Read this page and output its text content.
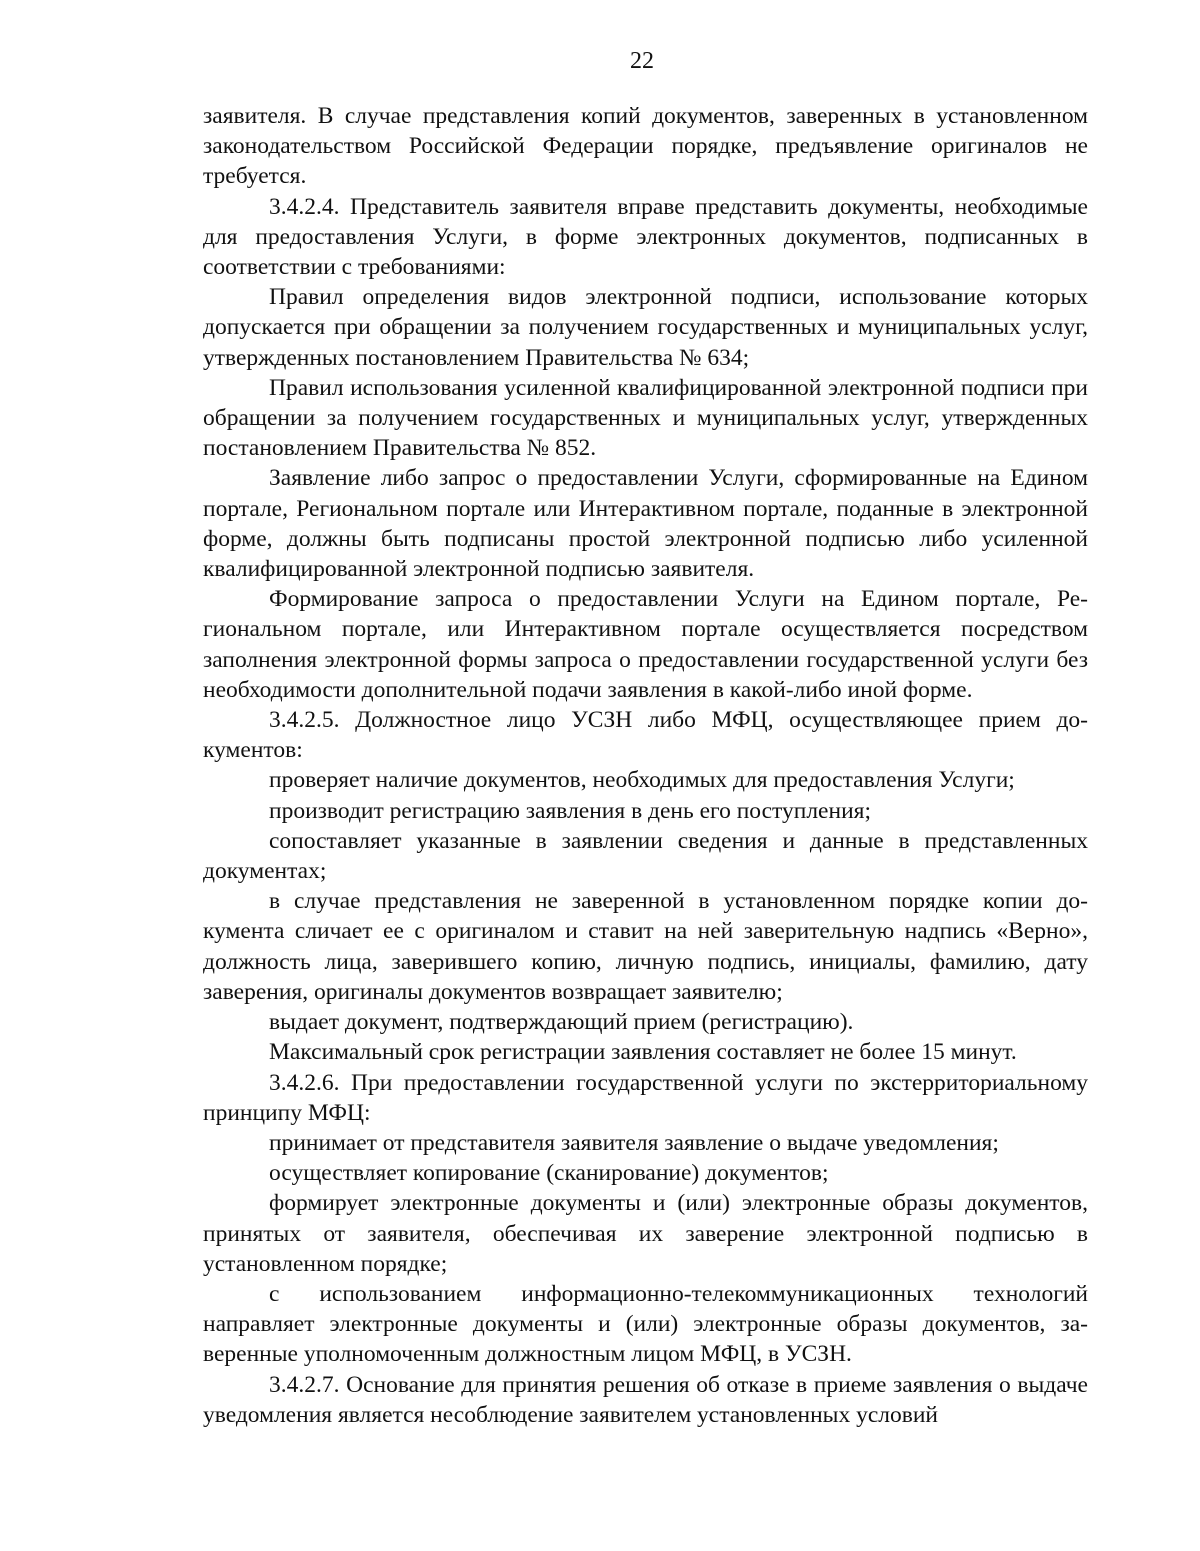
22

заявителя. В случае представления копий документов, заверенных в установленном законодательством Российской Федерации порядке, предъявление оригиналов не требуется.

3.4.2.4. Представитель заявителя вправе представить документы, необходимые для предоставления Услуги, в форме электронных документов, подписанных в соответствии с требованиями:

Правил определения видов электронной подписи, использование которых допускается при обращении за получением государственных и муниципальных услуг, утвержденных постановлением Правительства № 634;

Правил использования усиленной квалифицированной электронной подписи при обращении за получением государственных и муниципальных услуг, утвержденных постановлением Правительства № 852.

Заявление либо запрос о предоставлении Услуги, сформированные на Едином портале, Региональном портале или Интерактивном портале, поданные в электронной форме, должны быть подписаны простой электронной подписью либо усиленной квалифицированной электронной подписью заявителя.

Формирование запроса о предоставлении Услуги на Едином портале, Региональном портале, или Интерактивном портале осуществляется посредством заполнения электронной формы запроса о предоставлении государственной услуги без необходимости дополнительной подачи заявления в какой-либо иной форме.

3.4.2.5. Должностное лицо УСЗН либо МФЦ, осуществляющее прием документов:

проверяет наличие документов, необходимых для предоставления Услуги;

производит регистрацию заявления в день его поступления;

сопоставляет указанные в заявлении сведения и данные в представленных документах;

в случае представления не заверенной в установленном порядке копии документа сличает ее с оригиналом и ставит на ней заверительную надпись «Верно», должность лица, заверившего копию, личную подпись, инициалы, фамилию, дату заверения, оригиналы документов возвращает заявителю;

выдает документ, подтверждающий прием (регистрацию).

Максимальный срок регистрации заявления составляет не более 15 минут.

3.4.2.6. При предоставлении государственной услуги по экстерриториальному принципу МФЦ:

принимает от представителя заявителя заявление о выдаче уведомления;

осуществляет копирование (сканирование) документов;

формирует электронные документы и (или) электронные образы документов, принятых от заявителя, обеспечивая их заверение электронной подписью в установленном порядке;

с использованием информационно-телекоммуникационных технологий направляет электронные документы и (или) электронные образы документов, заверенные уполномоченным должностным лицом МФЦ, в УСЗН.

3.4.2.7. Основание для принятия решения об отказе в приеме заявления о выдаче уведомления является несоблюдение заявителем установленных условий
